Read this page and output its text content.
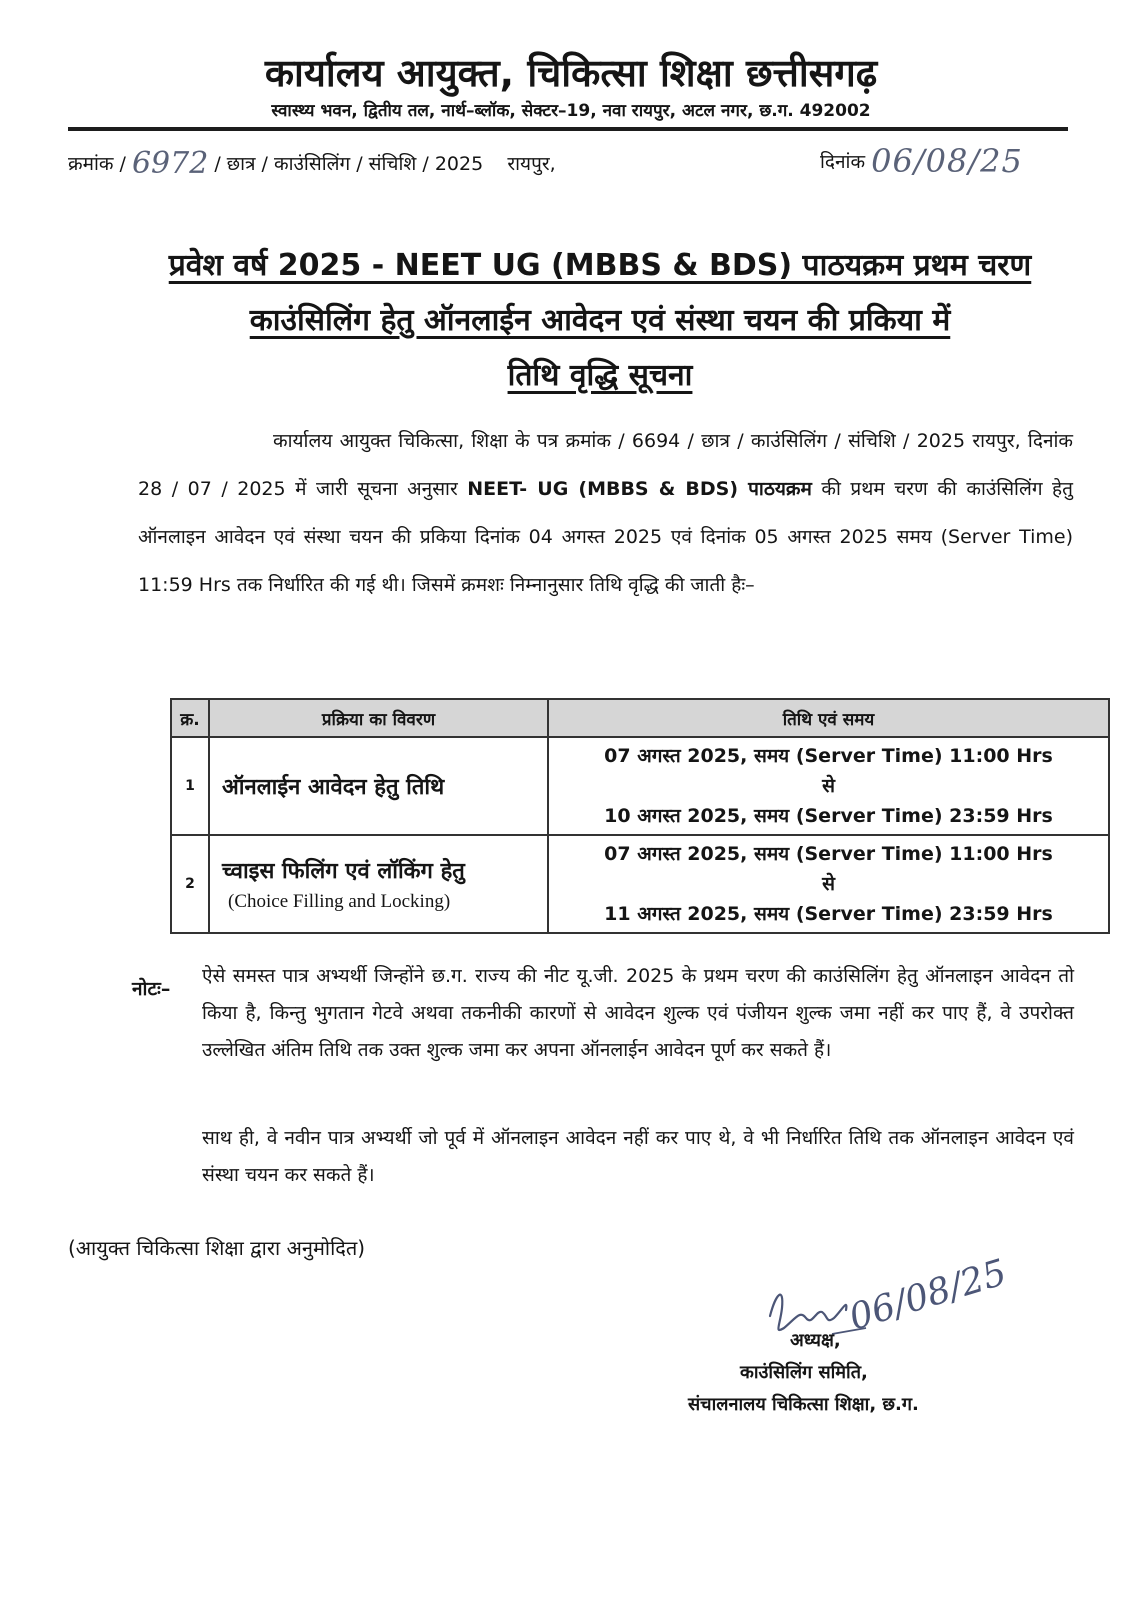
कार्यालय आयुक्त, चिकित्सा शिक्षा छत्तीसगढ़
स्वास्थ्य भवन, द्वितीय तल, नार्थ–ब्लॉक, सेक्टर–19, नवा रायपुर, अटल नगर, छ.ग. 492002
क्रमांक / 6972 / छात्र / काउंसिलिंग / संचिशि / 2025 रायपुर,	दिनांक 06/08/25
प्रवेश वर्ष 2025 - NEET UG (MBBS & BDS) पाठयक्रम प्रथम चरण
काउंसिलिंग हेतु ऑनलाईन आवेदन एवं संस्था चयन की प्रकिया में
तिथि वृद्धि सूचना
कार्यालय आयुक्त चिकित्सा, शिक्षा के पत्र क्रमांक / 6694 / छात्र / काउंसिलिंग / संचिशि / 2025 रायपुर, दिनांक 28 / 07 / 2025 में जारी सूचना अनुसार NEET- UG (MBBS & BDS) पाठयक्रम की प्रथम चरण की काउंसिलिंग हेतु ऑनलाइन आवेदन एवं संस्था चयन की प्रकिया दिनांक 04 अगस्त 2025 एवं दिनांक 05 अगस्त 2025 समय (Server Time) 11:59 Hrs तक निर्धारित की गई थी। जिसमें क्रमशः निम्नानुसार तिथि वृद्धि की जाती हैः–
क्र.	प्रक्रिया का विवरण	तिथि एवं समय
1	ऑनलाईन आवेदन हेतु तिथि	07 अगस्त 2025, समय (Server Time) 11:00 Hrs
से
10 अगस्त 2025, समय (Server Time) 23:59 Hrs

2	च्वाइस फिलिंग एवं लॉकिंग हेतु
(Choice Filling and Locking)	07 अगस्त 2025, समय (Server Time) 11:00 Hrs
से
11 अगस्त 2025, समय (Server Time) 23:59 Hrs
नोटः–
ऐसे समस्त पात्र अभ्यर्थी जिन्होंने छ.ग. राज्य की नीट यू.जी. 2025 के प्रथम चरण की काउंसिलिंग हेतु ऑनलाइन आवेदन तो किया है, किन्तु भुगतान गेटवे अथवा तकनीकी कारणों से आवेदन शुल्क एवं पंजीयन शुल्क जमा नहीं कर पाए हैं, वे उपरोक्त उल्लेखित अंतिम तिथि तक उक्त शुल्क जमा कर अपना ऑनलाईन आवेदन पूर्ण कर सकते हैं।
साथ ही, वे नवीन पात्र अभ्यर्थी जो पूर्व में ऑनलाइन आवेदन नहीं कर पाए थे, वे भी निर्धारित तिथि तक ऑनलाइन आवेदन एवं संस्था चयन कर सकते हैं।
(आयुक्त चिकित्सा शिक्षा द्वारा अनुमोदित)
06/08/25
अध्यक्ष,
काउंसिलिंग समिति,
संचालनालय चिकित्सा शिक्षा, छ.ग.
